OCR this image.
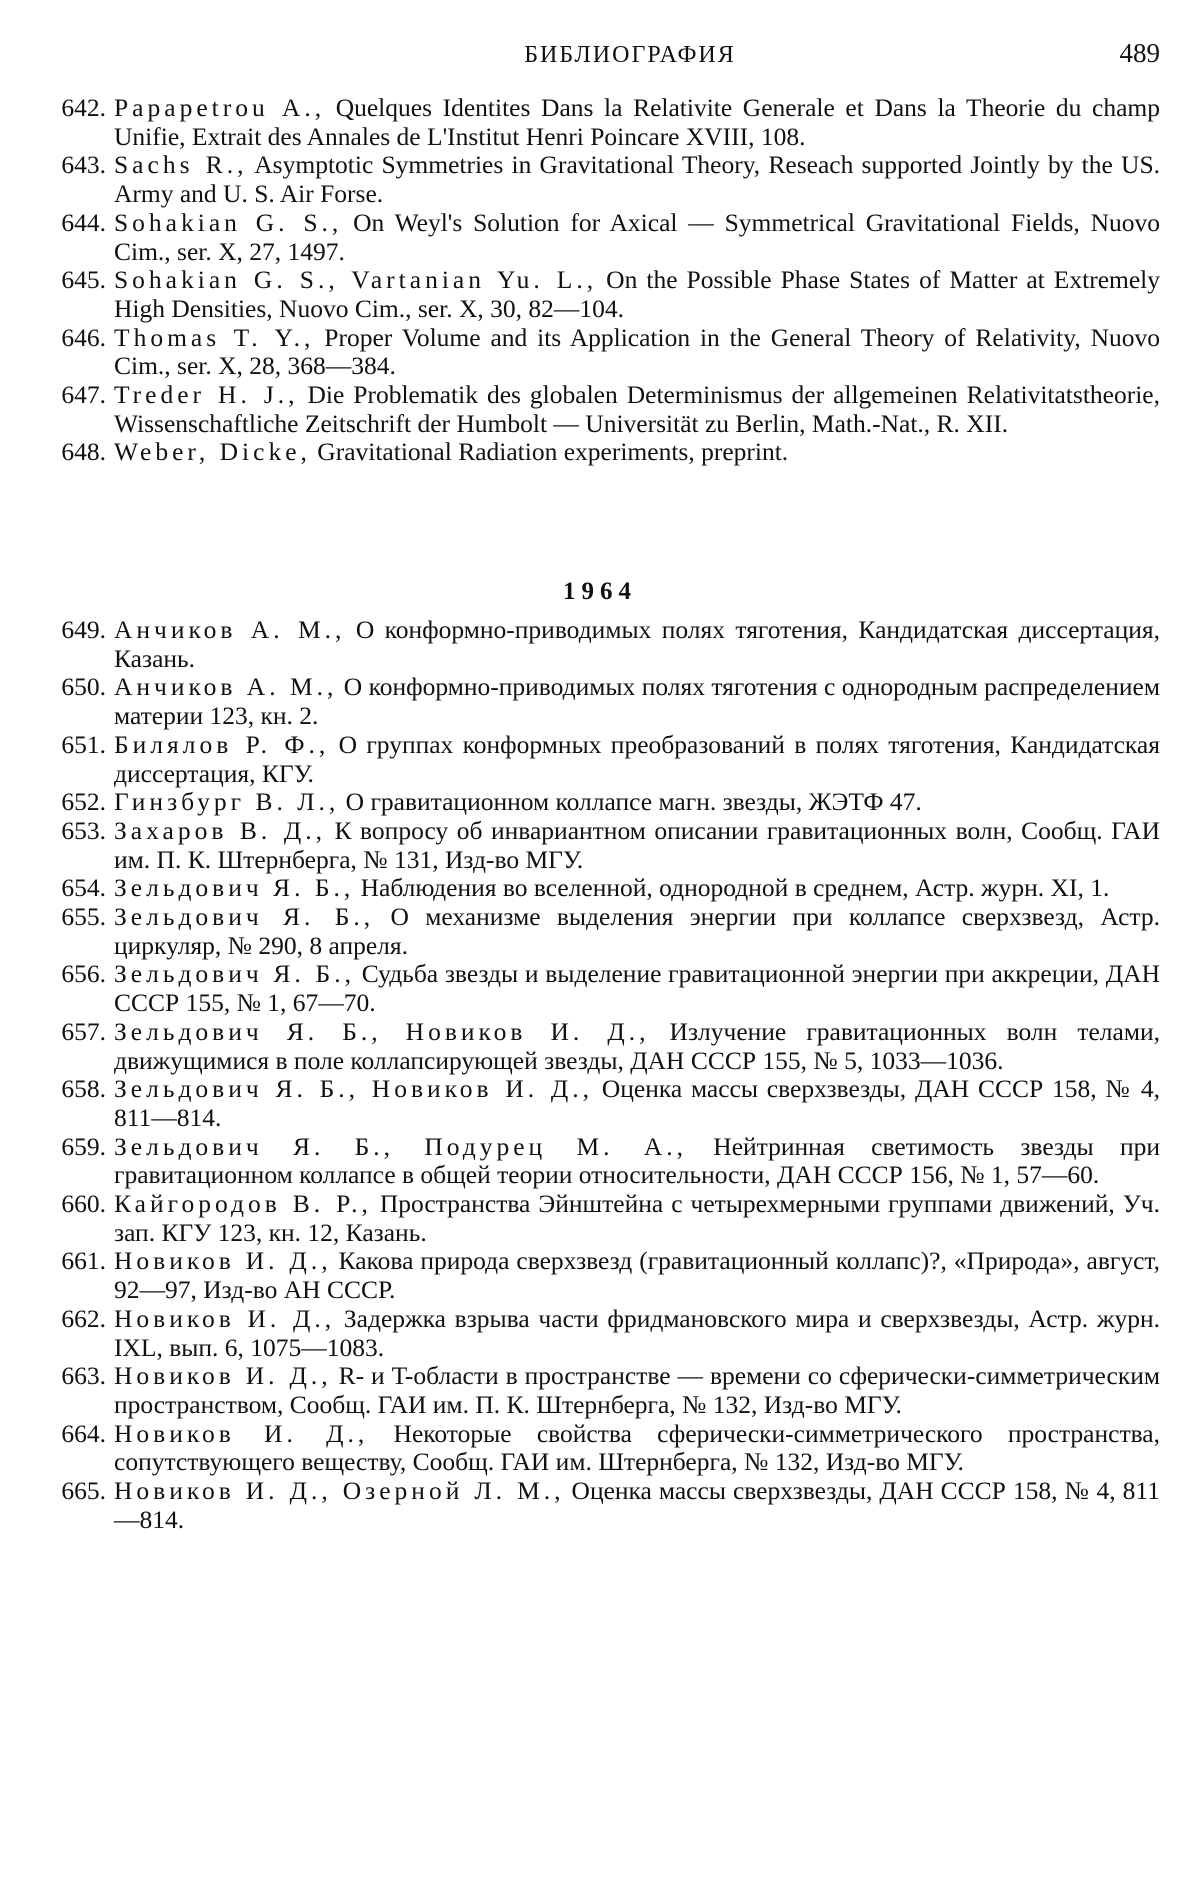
БИБЛИОГРАФИЯ	489
642. Papapetrou A., Quelques Identites Dans la Relativite Generale et Dans la Theorie du champ Unifie, Extrait des Annales de L'Institut Henri Poincare XVIII, 108.
643. Sachs R., Asymptotic Symmetries in Gravitational Theory, Reseach supported Jointly by the US. Army and U. S. Air Forse.
644. Sohakian G. S., On Weyl's Solution for Axical — Symmetrical Gravitational Fields, Nuovo Cim., ser. X, 27, 1497.
645. Sohakian G. S., Vartanian Yu. L., On the Possible Phase States of Matter at Extremely High Densities, Nuovo Cim., ser. X, 30, 82—104.
646. Thomas T. Y., Proper Volume and its Application in the General Theory of Relativity, Nuovo Cim., ser. X, 28, 368—384.
647. Treder H. J., Die Problematik des globalen Determinismus der allgemeinen Relativitatstheorie, Wissenschaftliche Zeitschrift der Humbolt — Universität zu Berlin, Math.-Nat., R. XII.
648. Weber, Dicke, Gravitational Radiation experiments, preprint.
1964
649. Анчиков А. М., О конформно-приводимых полях тяготения, Кандидатская диссертация, Казань.
650. Анчиков А. М., О конформно-приводимых полях тяготения с однородным распределением материи 123, кн. 2.
651. Билялов Р. Ф., О группах конформных преобразований в полях тяготения, Кандидатская диссертация, КГУ.
652. Гинзбург В. Л., О гравитационном коллапсе магн. звезды, ЖЭТФ 47.
653. Захаров В. Д., К вопросу об инвариантном описании гравитационных волн, Сообщ. ГАИ им. П. К. Штернберга, № 131, Изд-во МГУ.
654. Зельдович Я. Б., Наблюдения во вселенной, однородной в среднем, Астр. журн. XI, 1.
655. Зельдович Я. Б., О механизме выделения энергии при коллапсе сверхзвезд, Астр. циркуляр, № 290, 8 апреля.
656. Зельдович Я. Б., Судьба звезды и выделение гравитационной энергии при аккреции, ДАН СССР 155, № 1, 67—70.
657. Зельдович Я. Б., Новиков И. Д., Излучение гравитационных волн телами, движущимися в поле коллапсирующей звезды, ДАН СССР 155, № 5, 1033—1036.
658. Зельдович Я. Б., Новиков И. Д., Оценка массы сверхзвезды, ДАН СССР 158, № 4, 811—814.
659. Зельдович Я. Б., Подурец М. А., Нейтринная светимость звезды при гравитационном коллапсе в общей теории относительности, ДАН СССР 156, № 1, 57—60.
660. Кайгородов В. Р., Пространства Эйнштейна с четырехмерными группами движений, Уч. зап. КГУ 123, кн. 12, Казань.
661. Новиков И. Д., Какова природа сверхзвезд (гравитационный коллапс)?, «Природа», август, 92—97, Изд-во АН СССР.
662. Новиков И. Д., Задержка взрыва части фридмановского мира и сверхзвезды, Астр. журн. IXL, вып. 6, 1075—1083.
663. Новиков И. Д., R- и T-области в пространстве — времени со сферически-симметрическим пространством, Сообщ. ГАИ им. П. К. Штернберга, № 132, Изд-во МГУ.
664. Новиков И. Д., Некоторые свойства сферически-симметрического пространства, сопутствующего веществу, Сообщ. ГАИ им. Штернберга, № 132, Изд-во МГУ.
665. Новиков И. Д., Озерной Л. М., Оценка массы сверхзвезды, ДАН СССР 158, № 4, 811—814.
